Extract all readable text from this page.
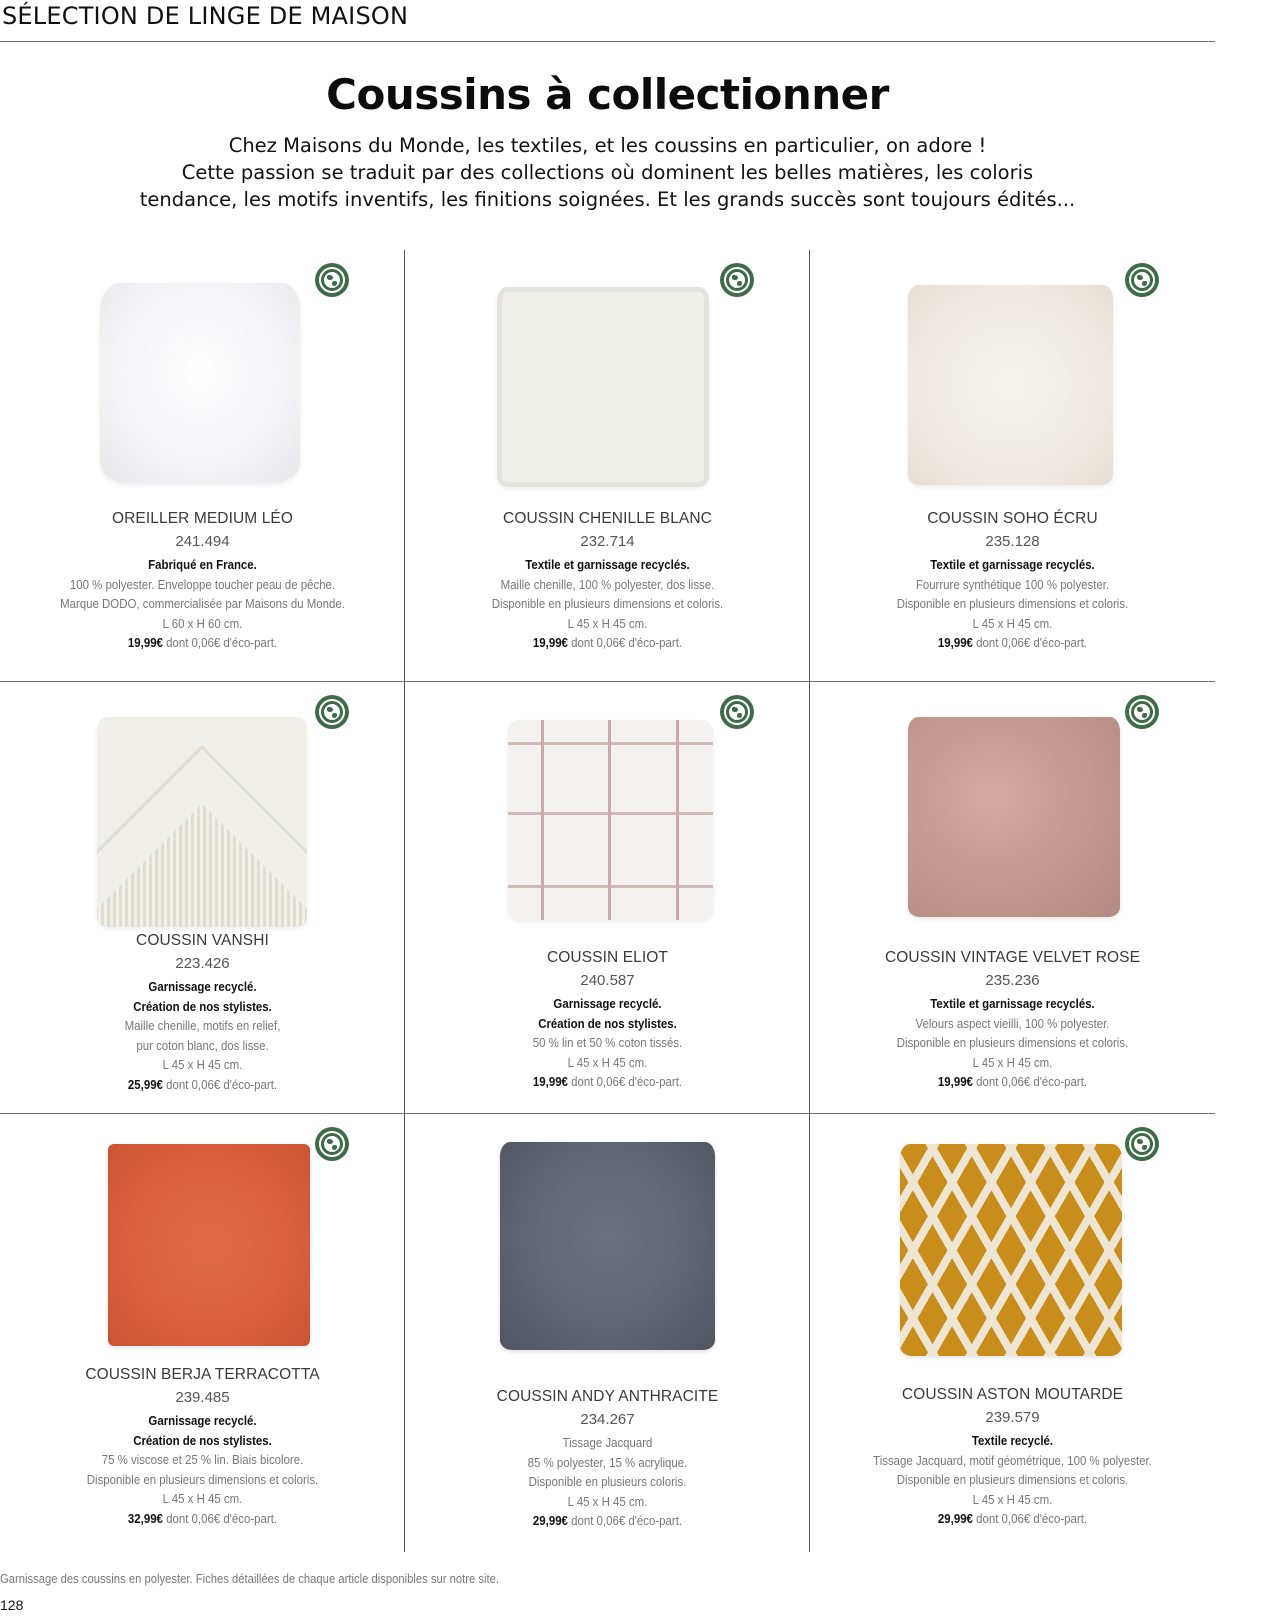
SÉLECTION DE LINGE DE MAISON
Coussins à collectionner
Chez Maisons du Monde, les textiles, et les coussins en particulier, on adore !
Cette passion se traduit par des collections où dominent les belles matières, les coloris
tendance, les motifs inventifs, les finitions soignées. Et les grands succès sont toujours édités...
OREILLER MEDIUM LÉO
241.494
Fabriqué en France.
100 % polyester. Enveloppe toucher peau de pêche.
Marque DODO, commercialisée par Maisons du Monde.
L 60 x H 60 cm.
19,99€ dont 0,06€ d'éco-part.
COUSSIN CHENILLE BLANC
232.714
Textile et garnissage recyclés.
Maille chenille, 100 % polyester, dos lisse.
Disponible en plusieurs dimensions et coloris.
L 45 x H 45 cm.
19,99€ dont 0,06€ d'éco-part.
COUSSIN SOHO ÉCRU
235.128
Textile et garnissage recyclés.
Fourrure synthétique 100 % polyester.
Disponible en plusieurs dimensions et coloris.
L 45 x H 45 cm.
19,99€ dont 0,06€ d'éco-part.
COUSSIN VANSHI
223.426
Garnissage recyclé.
Création de nos stylistes.
Maille chenille, motifs en relief,
pur coton blanc, dos lisse.
L 45 x H 45 cm.
25,99€ dont 0,06€ d'éco-part.
COUSSIN ELIOT
240.587
Garnissage recyclé.
Création de nos stylistes.
50 % lin et 50 % coton tissés.
L 45 x H 45 cm.
19,99€ dont 0,06€ d'éco-part.
COUSSIN VINTAGE VELVET ROSE
235.236
Textile et garnissage recyclés.
Velours aspect vieilli, 100 % polyester.
Disponible en plusieurs dimensions et coloris.
L 45 x H 45 cm.
19,99€ dont 0,06€ d'éco-part.
COUSSIN BERJA TERRACOTTA
239.485
Garnissage recyclé.
Création de nos stylistes.
75 % viscose et 25 % lin. Biais bicolore.
Disponible en plusieurs dimensions et coloris.
L 45 x H 45 cm.
32,99€ dont 0,06€ d'éco-part.
COUSSIN ANDY ANTHRACITE
234.267
Tissage Jacquard
85 % polyester, 15 % acrylique.
Disponible en plusieurs coloris.
L 45 x H 45 cm.
29,99€ dont 0,06€ d'éco-part.
COUSSIN ASTON MOUTARDE
239.579
Textile recyclé.
Tissage Jacquard, motif géométrique, 100 % polyester.
Disponible en plusieurs dimensions et coloris.
L 45 x H 45 cm.
29,99€ dont 0,06€ d'éco-part.
Garnissage des coussins en polyester. Fiches détaillées de chaque article disponibles sur notre site.
128
